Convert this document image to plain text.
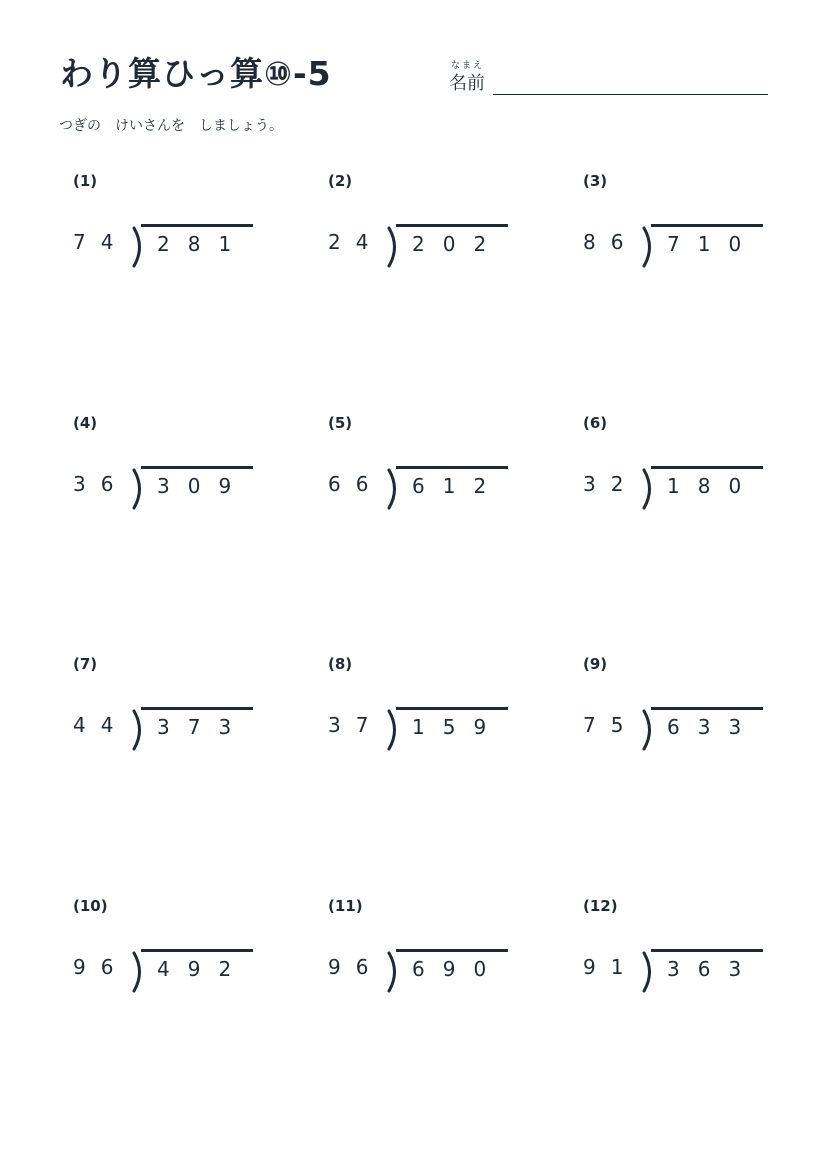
わり算ひっ算⑩-5	なまえ
名前
つぎの　けいさんを　しましょう。
(1)
74 281
(2)
24 202
(3)
86 710
(4)
36 309
(5)
66 612
(6)
32 180
(7)
44 373
(8)
37 159
(9)
75 633
(10)
96 492
(11)
96 690
(12)
91 363
